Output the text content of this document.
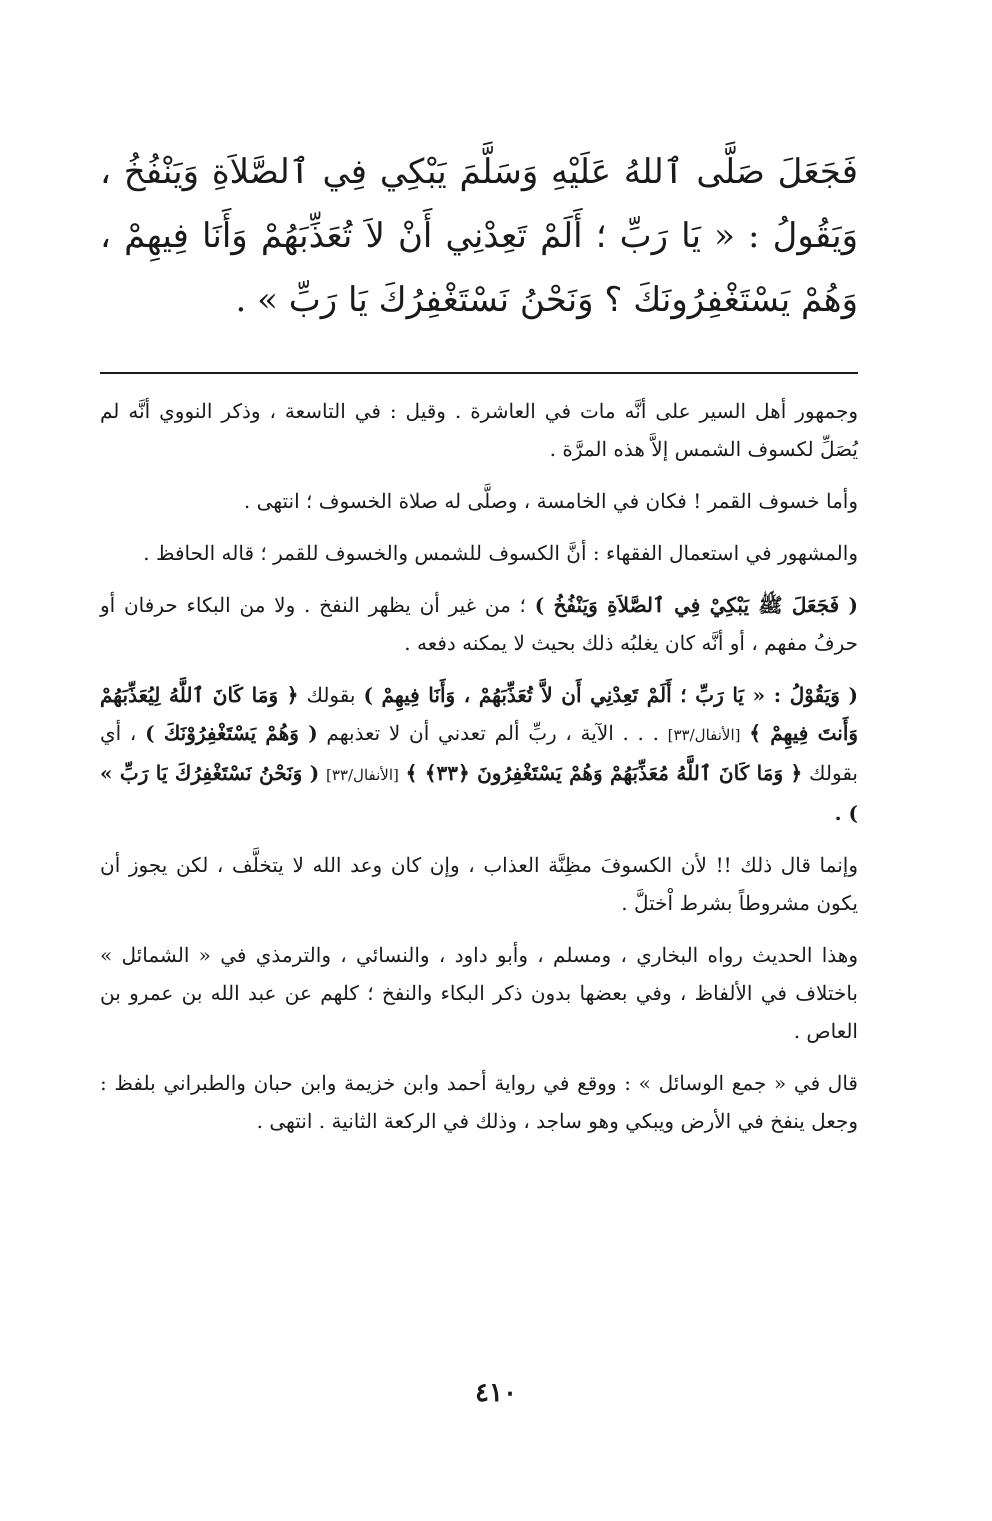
فَجَعَلَ صَلَّى ٱللهُ عَلَيْهِ وَسَلَّمَ يَبْكِي فِي ٱلصَّلاَةِ وَيَنْفُخُ ، وَيَقُولُ : « يَا رَبِّ ؛ أَلَمْ تَعِدْنِي أَنْ لاَ تُعَذِّبَهُمْ وَأَنَا فِيهِمْ ، وَهُمْ يَسْتَغْفِرُونَكَ ؟ وَنَحْنُ نَسْتَغْفِرُكَ يَا رَبِّ » .

وجمهور أهل السير على أنَّه مات في العاشرة . وقيل : في التاسعة ، وذكر النووي أنَّه لم يُصَلِّ لكسوف الشمس إلاَّ هذه المرَّة .

وأما خسوف القمر ! فكان في الخامسة ، وصلَّى له صلاة الخسوف ؛ انتهى .

والمشهور في استعمال الفقهاء : أنَّ الكسوف للشمس والخسوف للقمر ؛ قاله الحافظ .

( فَجَعَلَ ﷺ يَبْكِيْ فِي ٱلصَّلاَةِ وَيَنْفُخُ ) ؛ من غير أن يظهر النفخ . ولا من البكاء حرفان أو حرفُ مفهم ، أو أنَّه كان يغلبُه ذلك بحيث لا يمكنه دفعه .

( وَيَقُوْلُ : « يَا رَبِّ ؛ أَلَمْ تَعِدْنِي أَن لاَّ تُعَذِّبَهُمْ ، وَأَنَا فِيهِمْ ) بقولك ﴿ وَمَا كَانَ ٱللَّهُ لِيُعَذِّبَهُمْ وَأَنتَ فِيهِمْ ﴾ [الأنفال/٣٣] . . . الآية ، ربِّ ألم تعدني أن لا تعذبهم ( وَهُمْ يَسْتَغْفِرُوْنَكَ ) ، أي بقولك ﴿ وَمَا كَانَ ٱللَّهُ مُعَذِّبَهُمْ وَهُمْ يَسْتَغْفِرُونَ ﴿٣٣﴾ ﴾ [الأنفال/٣٣] ( وَنَحْنُ نَسْتَغْفِرُكَ يَا رَبِّ » ) .

وإنما قال ذلك !! لأن الكسوفَ مظِنَّة العذاب ، وإن كان وعد الله لا يتخلَّف ، لكن يجوز أن يكون مشروطاً بشرط اْختلَّ .

وهذا الحديث رواه البخاري ، ومسلم ، وأبو داود ، والنسائي ، والترمذي في « الشمائل » باختلاف في الألفاظ ، وفي بعضها بدون ذكر البكاء والنفخ ؛ كلهم عن عبد الله بن عمرو بن العاص .

قال في « جمع الوسائل » : ووقع في رواية أحمد وابن خزيمة وابن حبان والطبراني بلفظ : وجعل ينفخ في الأرض ويبكي وهو ساجد ، وذلك في الركعة الثانية . انتهى .

٤١٠
